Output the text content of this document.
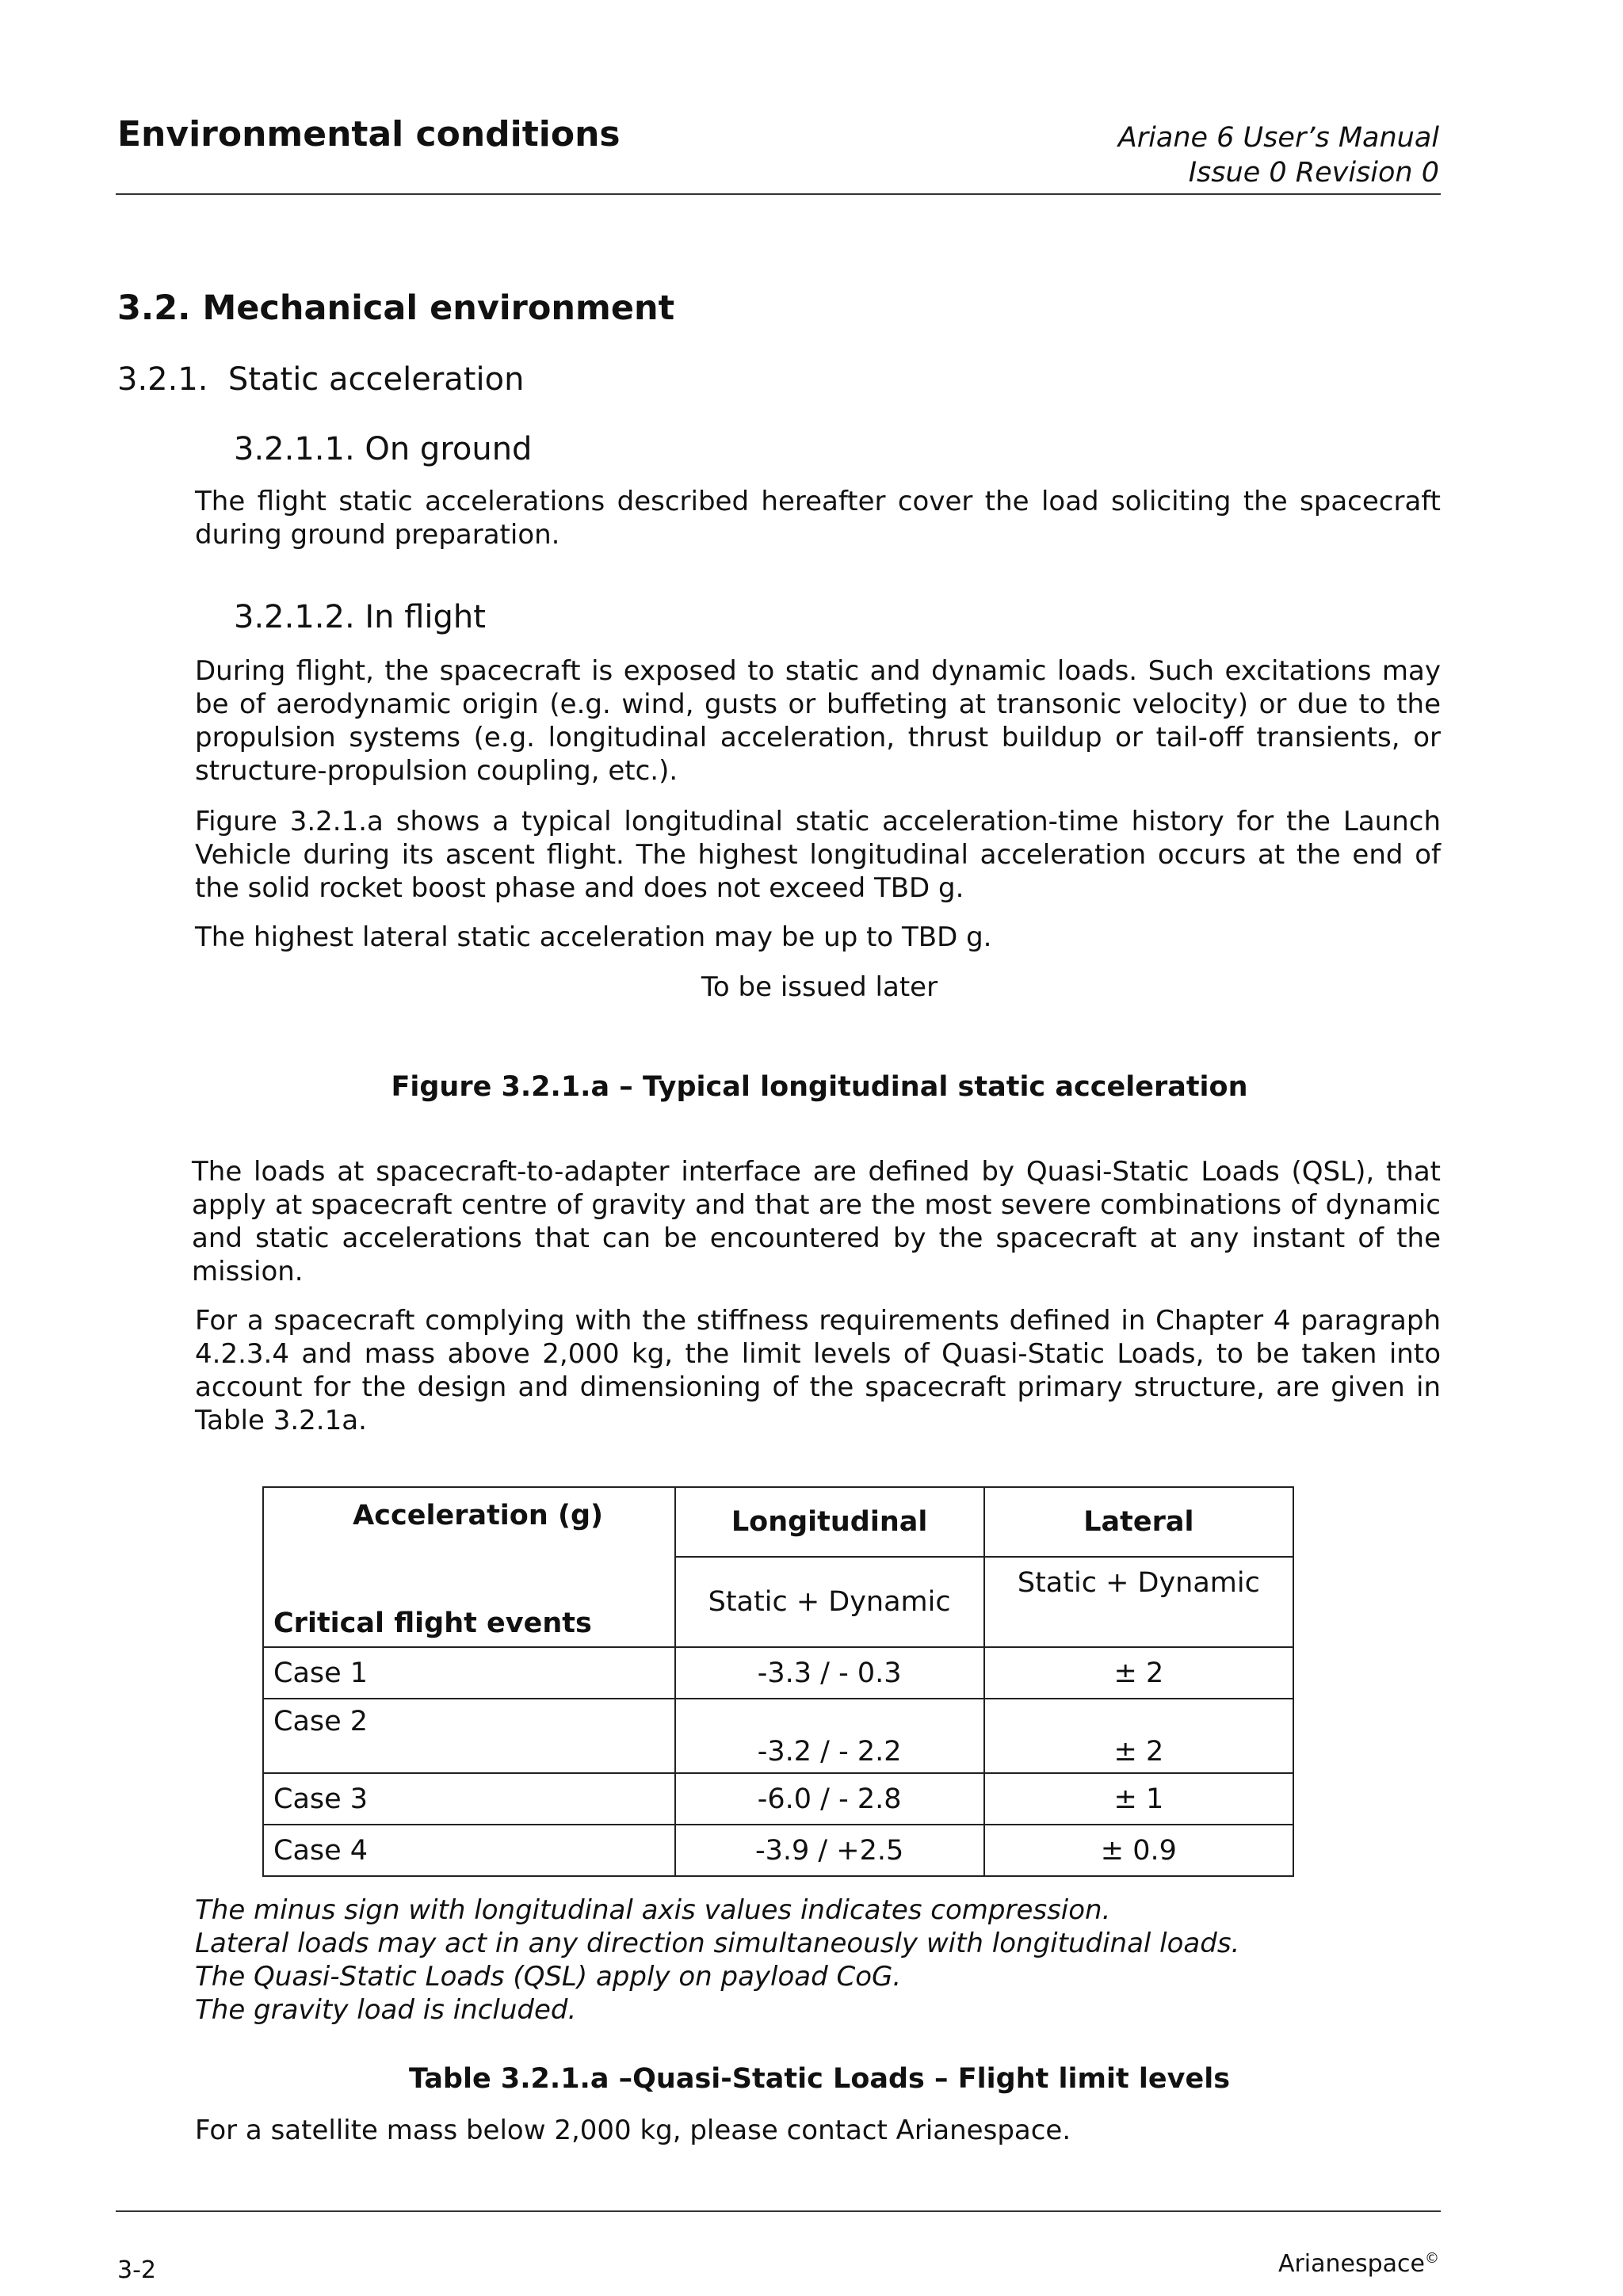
Environmental conditions	Ariane 6 User’s Manual
Issue 0 Revision 0
3.2. Mechanical environment
3.2.1.  Static acceleration
3.2.1.1. On ground

The flight static accelerations described hereafter cover the load soliciting the spacecraft during ground preparation.

3.2.1.2. In flight

During flight, the spacecraft is exposed to static and dynamic loads. Such excitations may be of aerodynamic origin (e.g. wind, gusts or buffeting at transonic velocity) or due to the propulsion systems (e.g. longitudinal acceleration, thrust buildup or tail-off transients, or structure-propulsion coupling, etc.).

Figure 3.2.1.a shows a typical longitudinal static acceleration-time history for the Launch Vehicle during its ascent flight. The highest longitudinal acceleration occurs at the end of the solid rocket boost phase and does not exceed TBD g.

The highest lateral static acceleration may be up to TBD g.

To be issued later
Figure 3.2.1.a – Typical longitudinal static acceleration

The loads at spacecraft-to-adapter interface are defined by Quasi-Static Loads (QSL), that apply at spacecraft centre of gravity and that are the most severe combinations of dynamic and static accelerations that can be encountered by the spacecraft at any instant of the mission.

For a spacecraft complying with the stiffness requirements defined in Chapter 4 paragraph 4.2.3.4 and mass above 2,000 kg, the limit levels of Quasi-Static Loads, to be taken into account for the design and dimensioning of the spacecraft primary structure, are given in Table 3.2.1a.

Acceleration (g)
Critical flight events	Longitudinal	Lateral
	Static + Dynamic	Static + Dynamic
Case 1	-3.3 / - 0.3	± 2
Case 2	-3.2 / - 2.2	± 2
Case 3	-6.0 / - 2.8	± 1
Case 4	-3.9 / +2.5	± 0.9
The minus sign with longitudinal axis values indicates compression.
Lateral loads may act in any direction simultaneously with longitudinal loads.
The Quasi-Static Loads (QSL) apply on payload CoG.
The gravity load is included.
Table 3.2.1.a –Quasi-Static Loads – Flight limit levels

For a satellite mass below 2,000 kg, please contact Arianespace.

3-2	Arianespace©
